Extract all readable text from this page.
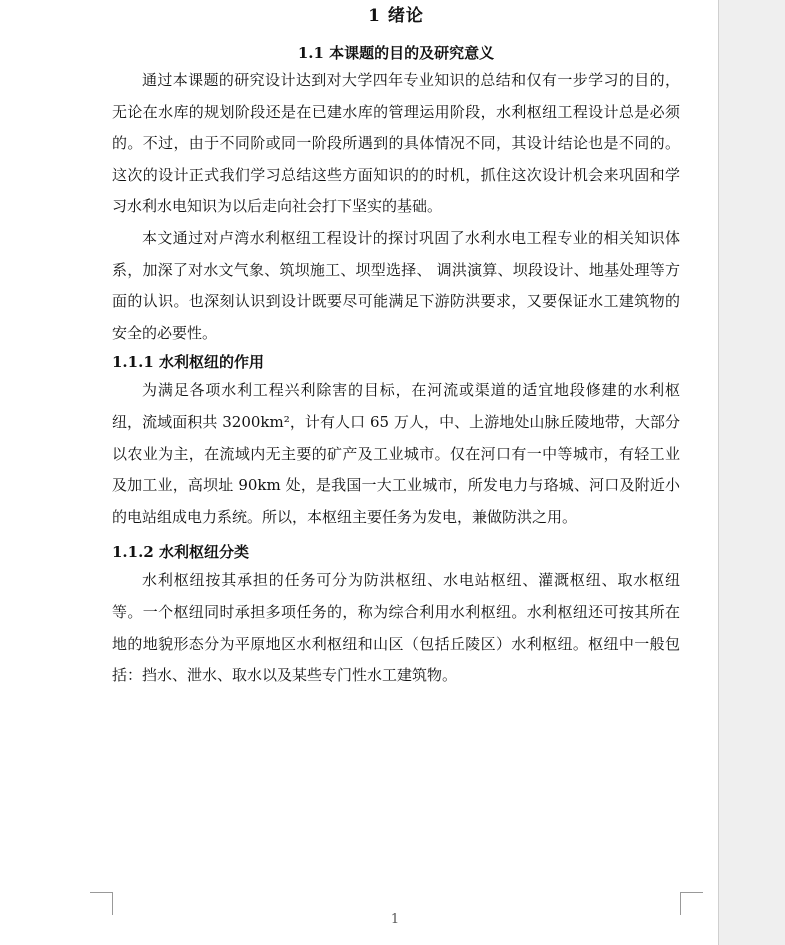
1 绪论
1.1 本课题的目的及研究意义

通过本课题的研究设计达到对大学四年专业知识的总结和仅有一步学习的目的，无论在水库的规划阶段还是在已建水库的管理运用阶段，水利枢纽工程设计总是必须的。不过，由于不同阶或同一阶段所遇到的具体情况不同，其设计结论也是不同的。这次的设计正式我们学习总结这些方面知识的的时机，抓住这次设计机会来巩固和学习水利水电知识为以后走向社会打下坚实的基础。

本文通过对卢湾水利枢纽工程设计的探讨巩固了水利水电工程专业的相关知识体系，加深了对水文气象、筑坝施工、坝型选择、 调洪演算、坝段设计、地基处理等方面的认识。也深刻认识到设计既要尽可能满足下游防洪要求，又要保证水工建筑物的安全的必要性。

1.1.1 水利枢纽的作用

为满足各项水利工程兴利除害的目标，在河流或渠道的适宜地段修建的水利枢纽，流域面积共 3200km²，计有人口 65 万人，中、上游地处山脉丘陵地带，大部分以农业为主，在流域内无主要的矿产及工业城市。仅在河口有一中等城市，有轻工业及加工业，高坝址 90km 处，是我国一大工业城市，所发电力与珞城、河口及附近小的电站组成电力系统。所以，本枢纽主要任务为发电，兼做防洪之用。

1.1.2 水利枢纽分类

水利枢纽按其承担的任务可分为防洪枢纽、水电站枢纽、灌溉枢纽、取水枢纽等。一个枢纽同时承担多项任务的，称为综合利用水利枢纽。水利枢纽还可按其所在地的地貌形态分为平原地区水利枢纽和山区（包括丘陵区）水利枢纽。枢纽中一般包括：挡水、泄水、取水以及某些专门性水工建筑物。

1
